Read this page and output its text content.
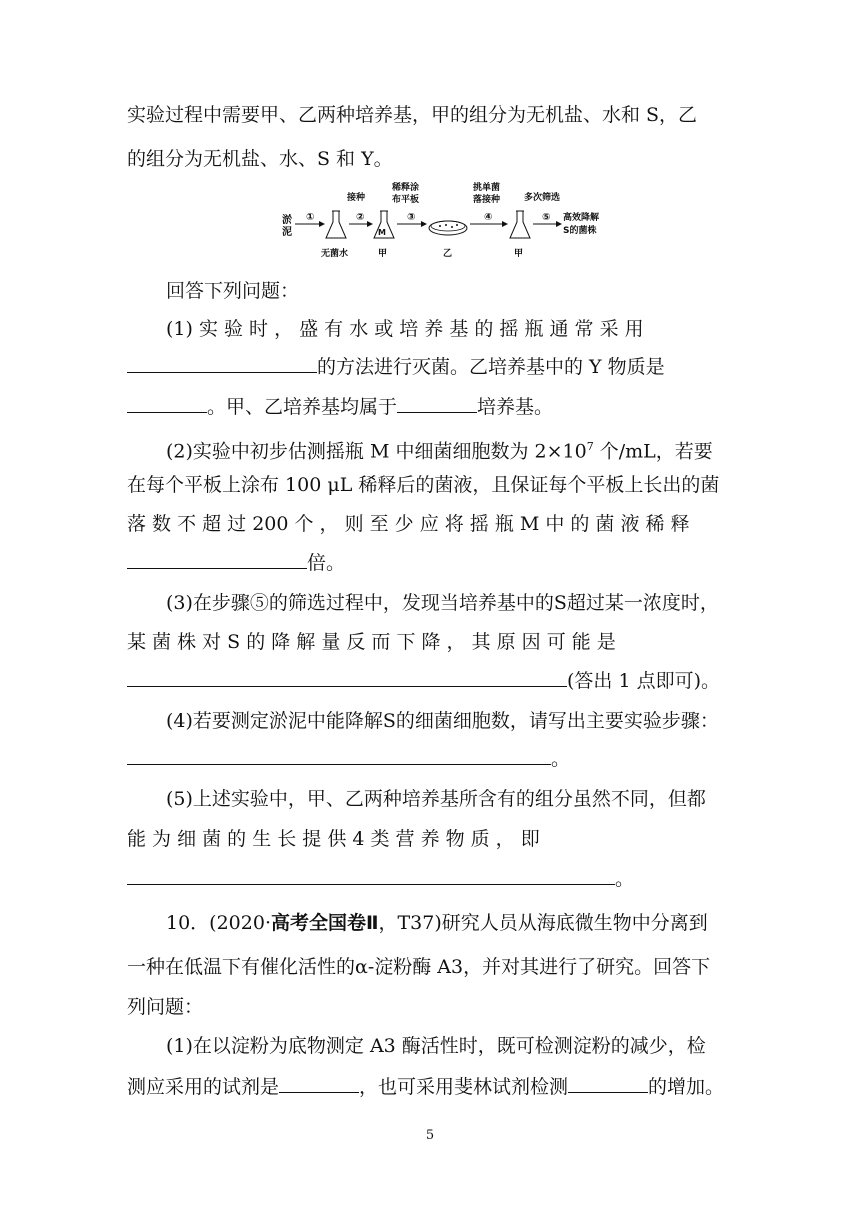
实验过程中需要甲、乙两种培养基，甲的组分为无机盐、水和 S，乙
的组分为无机盐、水、S 和 Y。
淤
泥
①
无菌水
②
接种
M
甲
③
稀释涂
布平板
乙
④
挑单菌
落接种
甲
⑤
多次筛选
高效降解
S的菌株
回答下列问题：
(1) 实 验 时 ， 盛 有 水 或 培 养 基 的 摇 瓶 通 常 采 用
的方法进行灭菌。乙培养基中的 Y 物质是
。甲、乙培养基均属于	培养基。
(2)实验中初步估测摇瓶 M 中细菌细胞数为 $2\times 10^7$ 个/mL，若要
在每个平板上涂布 100 μL 稀释后的菌液，且保证每个平板上长出的菌
落 数 不 超 过 200 个 ， 则 至 少 应 将 摇 瓶 M 中 的 菌 液 稀 释
倍。
(3)在步骤⑤的筛选过程中，发现当培养基中的S超过某一浓度时，
某 菌 株 对 S 的 降 解 量 反 而 下 降 ， 其 原 因 可 能 是
(答出 1 点即可)。
(4)若要测定淤泥中能降解S的细菌细胞数，请写出主要实验步骤：
。
(5)上述实验中，甲、乙两种培养基所含有的组分虽然不同，但都
能 为 细 菌 的 生 长 提 供 4 类 营 养 物 质 ， 即
。
10．(2020·高考全国卷Ⅱ，T37)研究人员从海底微生物中分离到
一种在低温下有催化活性的α-淀粉酶 A3，并对其进行了研究。回答下
列问题：
(1)在以淀粉为底物测定 A3 酶活性时，既可检测淀粉的减少，检
测应采用的试剂是	，也可采用斐林试剂检测	的增加。
5
